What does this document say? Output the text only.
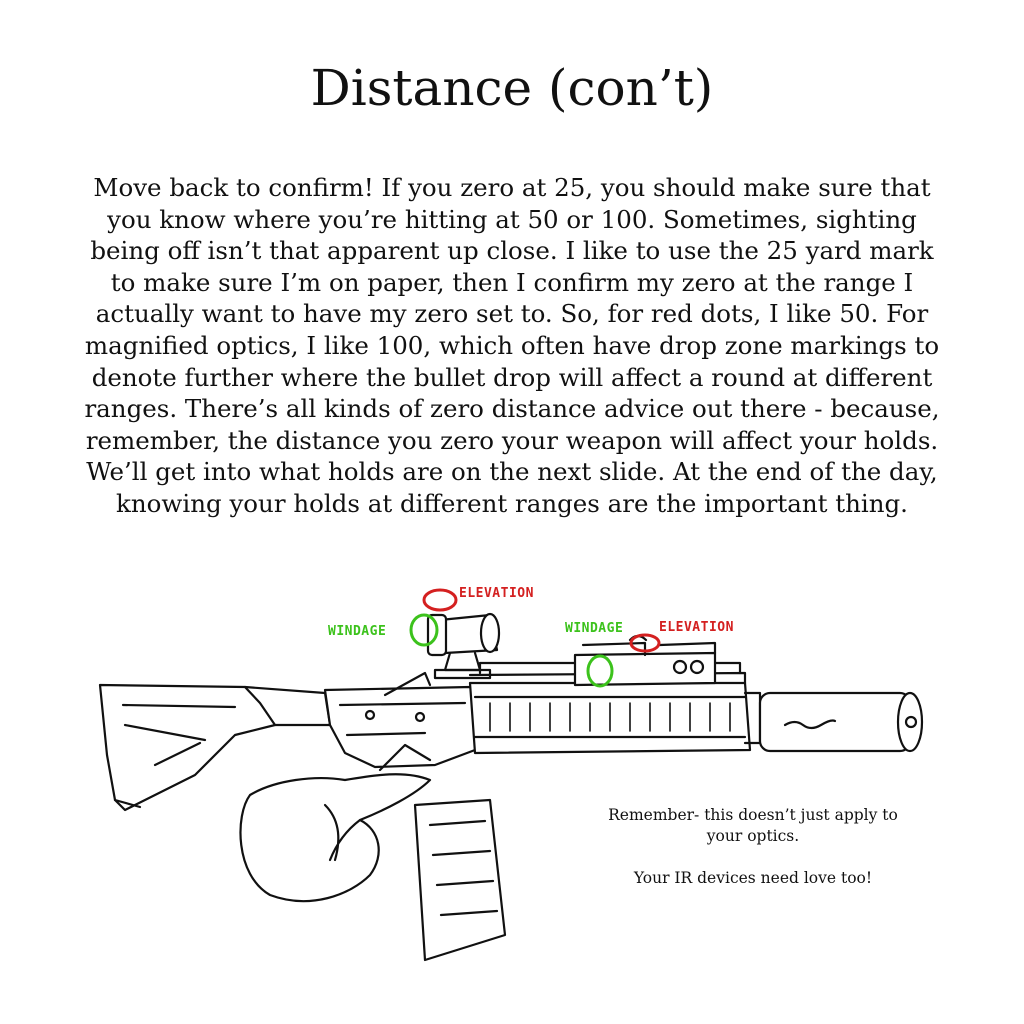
Distance (con’t)

Move back to confirm! If you zero at 25, you should make sure that you know where you’re hitting at 50 or 100. Sometimes, sighting being off isn’t that apparent up close. I like to use the 25 yard mark to make sure I’m on paper, then I confirm my zero at the range I actually want to have my zero set to. So, for red dots, I like 50. For magnified optics, I like 100, which often have drop zone markings to denote further where the bullet drop will affect a round at different ranges. There’s all kinds of zero distance advice out there - because, remember, the distance you zero your weapon will affect your holds. We’ll get into what holds are on the next slide. At the end of the day, knowing your holds at different ranges are the important thing.

ELEVATION
WINDAGE	WINDAGE	ELEVATION

Remember- this doesn’t just apply to your optics.

Your IR devices need love too!
